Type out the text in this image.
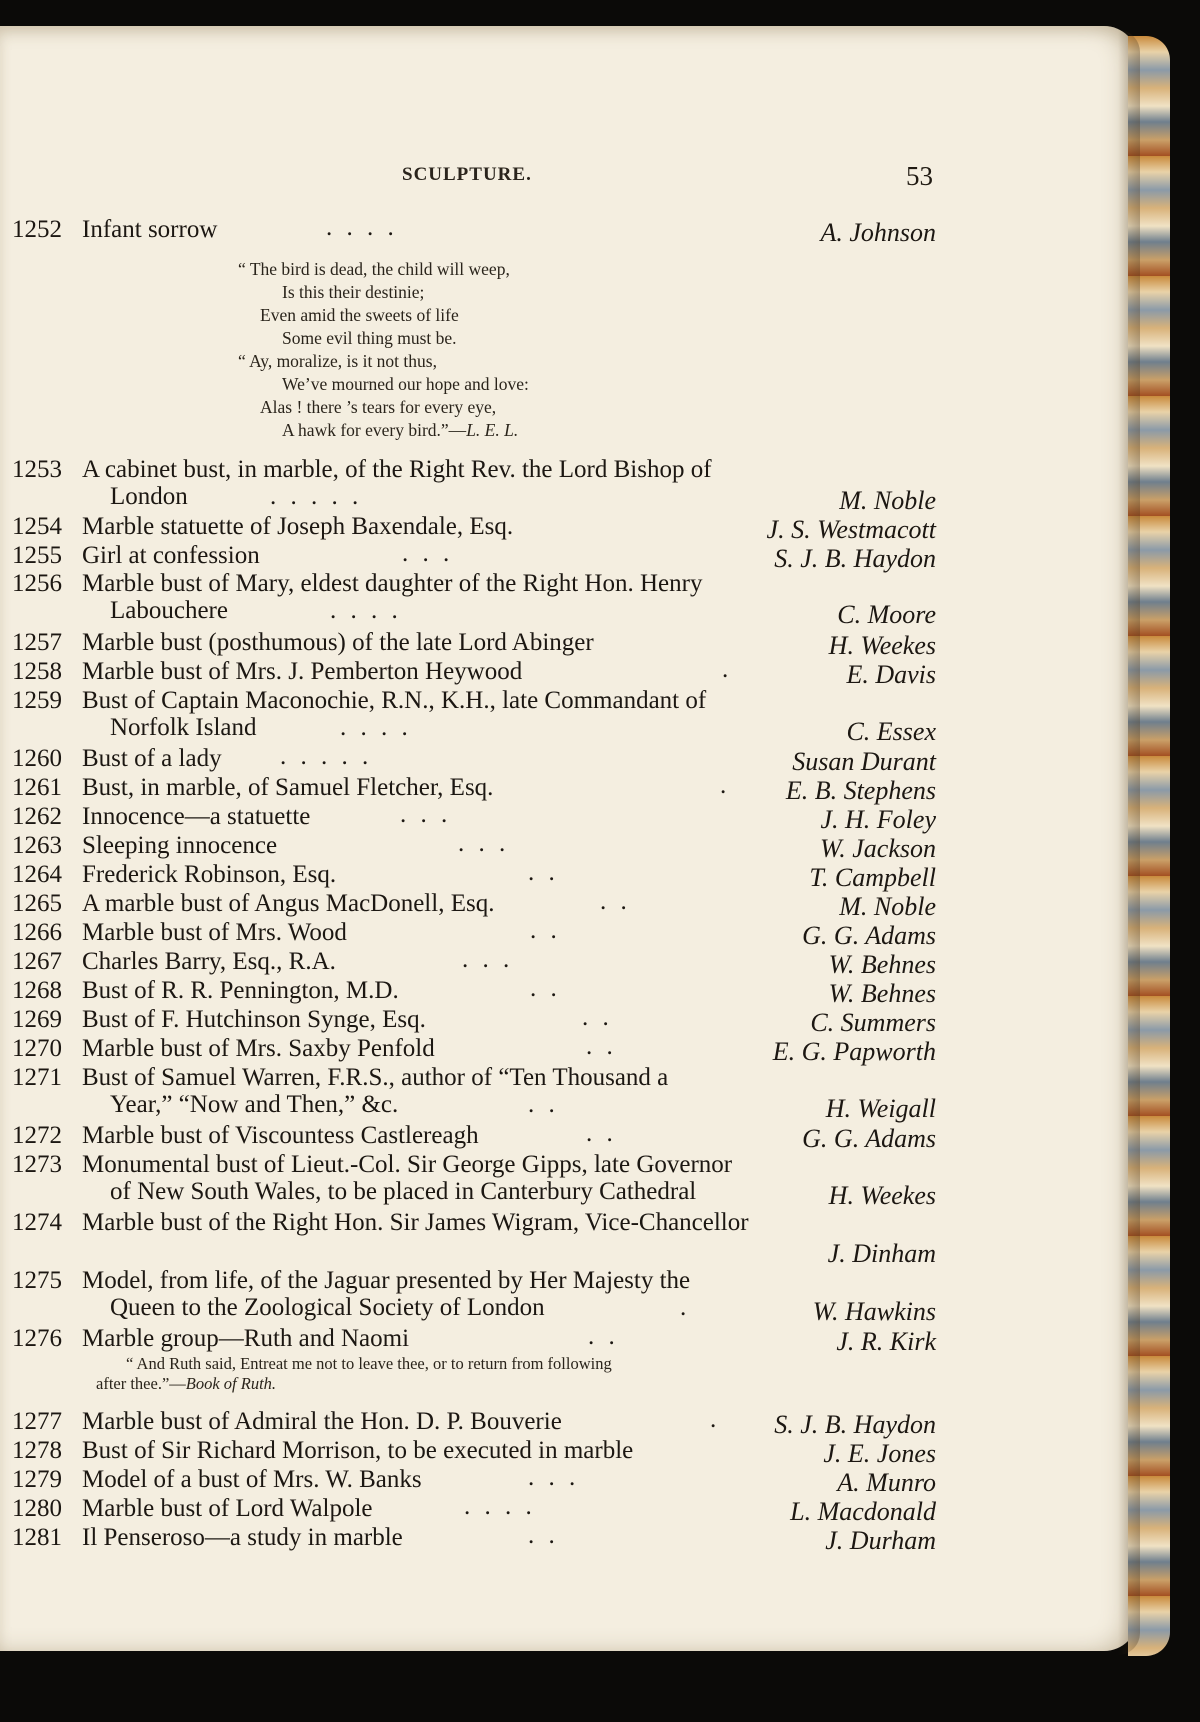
SCULPTURE.	53
1252 Infant sorrow	. . . .	A. Johnson
“ The bird is dead, the child will weep,
Is this their destinie;
Even amid the sweets of life
Some evil thing must be.
“ Ay, moralize, is it not thus,
We’ve mourned our hope and love:
Alas ! there ’s tears for every eye,
A hawk for every bird.”—L. E. L.
1253 A cabinet bust, in marble, of the Right Rev. the Lord Bishop of
London	. . . . .	M. Noble
1254 Marble statuette of Joseph Baxendale, Esq.	J. S. Westmacott
1255 Girl at confession	. . .	S. J. B. Haydon
1256 Marble bust of Mary, eldest daughter of the Right Hon. Henry
Labouchere	. . . .	C. Moore
1257 Marble bust (posthumous) of the late Lord Abinger	H. Weekes
1258 Marble bust of Mrs. J. Pemberton Heywood	.	E. Davis
1259 Bust of Captain Maconochie, R.N., K.H., late Commandant of
Norfolk Island	. . . .	C. Essex
1260 Bust of a lady . . . . .	Susan Durant
1261 Bust, in marble, of Samuel Fletcher, Esq.	. E. B. Stephens
1262 Innocence—a statuette	. . .	J. H. Foley
1263 Sleeping innocence	. . .	W. Jackson
1264 Frederick Robinson, Esq.	. .	T. Campbell
1265 A marble bust of Angus MacDonell, Esq.	. .	M. Noble
1266 Marble bust of Mrs. Wood	. .	G. G. Adams
1267 Charles Barry, Esq., R.A.	. . .	W. Behnes
1268 Bust of R. R. Pennington, M.D.	. .	W. Behnes
1269 Bust of F. Hutchinson Synge, Esq.	. .	C. Summers
1270 Marble bust of Mrs. Saxby Penfold	. .	E. G. Papworth
1271 Bust of Samuel Warren, F.R.S., author of “Ten Thousand a
Year,” “Now and Then,” &c.	. .	H. Weigall
1272 Marble bust of Viscountess Castlereagh	. .	G. G. Adams
1273 Monumental bust of Lieut.-Col. Sir George Gipps, late Governor
of New South Wales, to be placed in Canterbury Cathedral	H. Weekes
1274 Marble bust of the Right Hon. Sir James Wigram, Vice-Chancellor
J. Dinham
1275 Model, from life, of the Jaguar presented by Her Majesty the
Queen to the Zoological Society of London	.	W. Hawkins
1276 Marble group—Ruth and Naomi	. .	J. R. Kirk
“ And Ruth said, Entreat me not to leave thee, or to return from following
after thee.”—Book of Ruth.
1277 Marble bust of Admiral the Hon. D. P. Bouverie	. S. J. B. Haydon
1278 Bust of Sir Richard Morrison, to be executed in marble	J. E. Jones
1279 Model of a bust of Mrs. W. Banks	. . .	A. Munro
1280 Marble bust of Lord Walpole	. . . .	L. Macdonald
1281 Il Penseroso—a study in marble	. .	J. Durham
